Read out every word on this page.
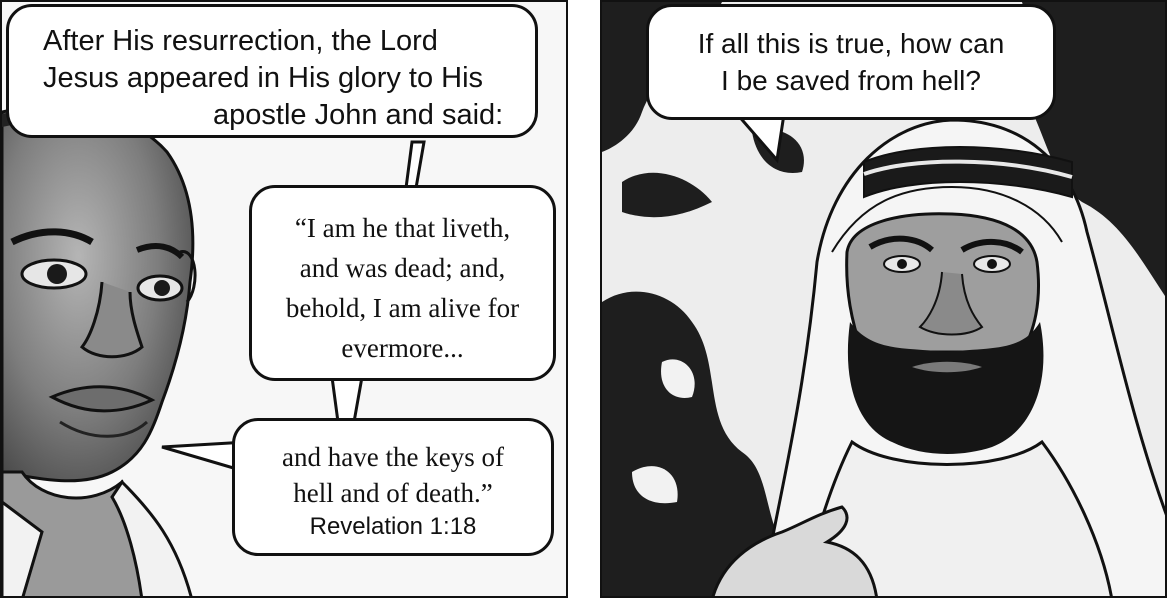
After His resurrection, the Lord
Jesus appeared in His glory to His
apostle John and said:
“I am he that liveth,
and was dead; and,
behold, I am alive for
evermore...
and have the keys of
hell and of death.”
Revelation 1:18
If all this is true, how can
I be saved from hell?
